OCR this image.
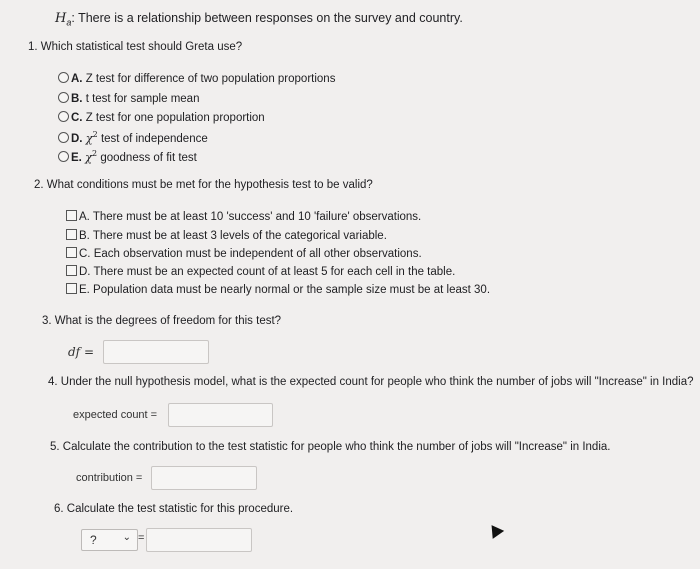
$H_a$: There is a relationship between responses on the survey and country.
1. Which statistical test should Greta use?
A. Z test for difference of two population proportions
B. t test for sample mean
C. Z test for one population proportion
D. $\chi^2$ test of independence
E. $\chi^2$ goodness of fit test
2. What conditions must be met for the hypothesis test to be valid?
A. There must be at least 10 'success' and 10 'failure' observations.
B. There must be at least 3 levels of the categorical variable.
C. Each observation must be independent of all other observations.
D. There must be an expected count of at least 5 for each cell in the table.
E. Population data must be nearly normal or the sample size must be at least 30.
3. What is the degrees of freedom for this test?
df =
4. Under the null hypothesis model, what is the expected count for people who think the number of jobs will "Increase" in India?
expected count =
5. Calculate the contribution to the test statistic for people who think the number of jobs will "Increase" in India.
contribution =
6. Calculate the test statistic for this procedure.
?	⌄ =
